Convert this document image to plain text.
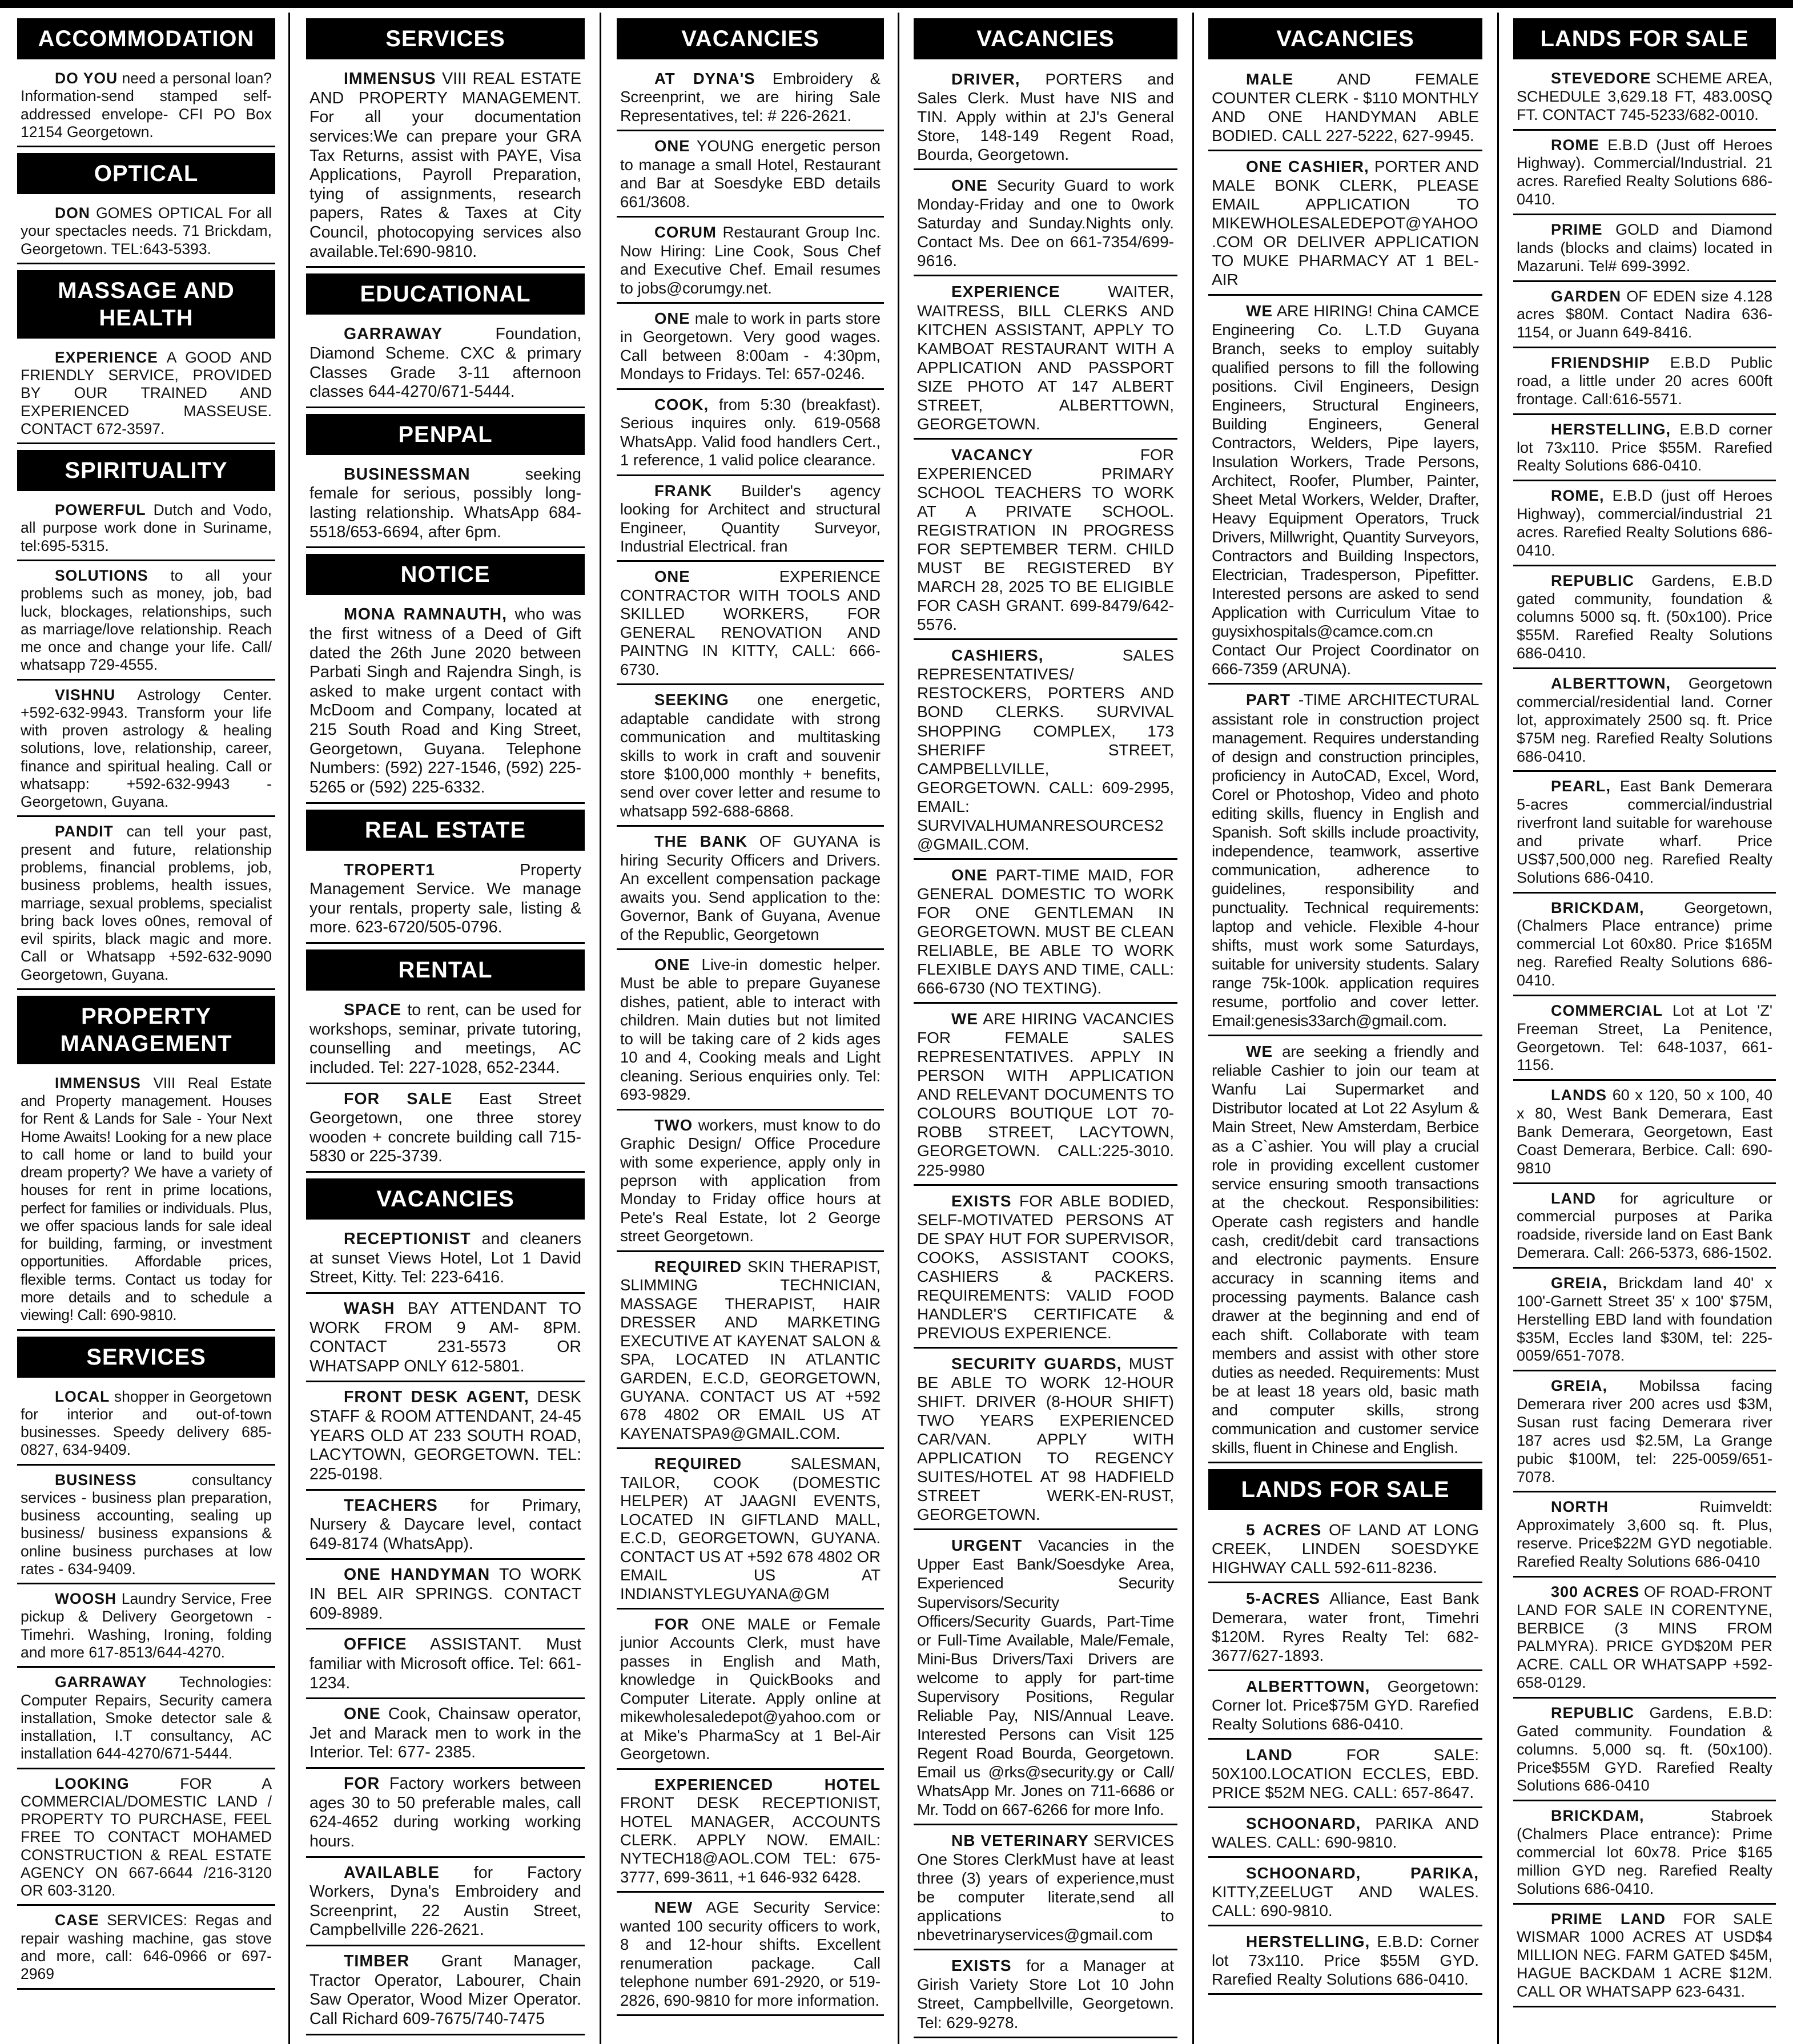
ACCOMMODATION
DO YOU need a personal loan? Information-send stamped self-addressed envelope- CFI PO Box 12154 Georgetown.
OPTICAL
DON GOMES OPTICAL For all your spectacles needs. 71 Brickdam, Georgetown. TEL:643-5393.
MASSAGE AND HEALTH
EXPERIENCE A GOOD AND FRIENDLY SERVICE, PROVIDED BY OUR TRAINED AND EXPERIENCED MASSEUSE. CONTACT 672-3597.
SPIRITUALITY
POWERFUL Dutch and Vodo, all purpose work done in Suriname, tel:695-5315.
SOLUTIONS to all your problems such as money, job, bad luck, blockages, relationships, such as marriage/love relationship. Reach me once and change your life. Call/ whatsapp 729-4555.
VISHNU Astrology Center. +592-632-9943. Transform your life with proven astrology & healing solutions, love, relationship, career, finance and spiritual healing. Call or whatsapp: +592-632-9943 - Georgetown, Guyana.
PANDIT can tell your past, present and future, relationship problems, financial problems, job, business problems, health issues, marriage, sexual problems, specialist bring back loves o0nes, removal of evil spirits, black magic and more. Call or Whatsapp +592-632-9090 Georgetown, Guyana.
PROPERTY MANAGEMENT
IMMENSUS VIII Real Estate and Property management. Houses for Rent & Lands for Sale - Your Next Home Awaits! Looking for a new place to call home or land to build your dream property? We have a variety of houses for rent in prime locations, perfect for families or individuals. Plus, we offer spacious lands for sale ideal for building, farming, or investment opportunities. Affordable prices, flexible terms. Contact us today for more details and to schedule a viewing! Call: 690-9810.
SERVICES
LOCAL shopper in Georgetown for interior and out-of-town businesses. Speedy delivery 685-0827, 634-9409.
BUSINESS	consultancy services - business plan preparation, business accounting, sealing up business/ business expansions & online business purchases at low rates - 634-9409.
WOOSH Laundry Service, Free pickup & Delivery Georgetown - Timehri. Washing, Ironing, folding and more 617-8513/644-4270.
GARRAWAY Technologies: Computer Repairs, Security camera installation, Smoke detector sale & installation, I.T consultancy, AC installation 644-4270/671-5444.
LOOKING	FOR A COMMERCIAL/DOMESTIC LAND / PROPERTY TO PURCHASE, FEEL FREE TO CONTACT MOHAMED CONSTRUCTION & REAL ESTATE AGENCY ON 667-6644 /216-3120 OR 603-3120.
CASE SERVICES: Regas and repair washing machine, gas stove and more, call: 646-0966 or 697-2969
SERVICES
IMMENSUS VIII REAL ESTATE AND PROPERTY MANAGEMENT. For all your documentation services:We can prepare your GRA Tax Returns, assist with PAYE, Visa Applications, Payroll Preparation, tying of assignments, research papers, Rates & Taxes at City Council, photocopying services also available.Tel:690-9810.
EDUCATIONAL
GARRAWAY	Foundation, Diamond Scheme. CXC & primary Classes Grade 3-11 afternoon classes 644-4270/671-5444.
PENPAL
BUSINESSMAN	seeking female for serious, possibly long-lasting relationship. WhatsApp 684-5518/653-6694, after 6pm.
NOTICE
MONA RAMNAUTH, who was the first witness of a Deed of Gift dated the 26th June 2020 between Parbati Singh and Rajendra Singh, is asked to make urgent contact with McDoom and Company, located at 215 South Road and King Street, Georgetown, Guyana. Telephone Numbers: (592) 227-1546, (592) 225-5265 or (592) 225-6332.
REAL ESTATE
TROPERT1	Property Management Service. We manage your rentals, property sale, listing & more. 623-6720/505-0796.
RENTAL
SPACE to rent, can be used for workshops, seminar, private tutoring, counselling and meetings, AC included. Tel: 227-1028, 652-2344.
FOR SALE East Street Georgetown, one three storey wooden + concrete building call 715-5830 or 225-3739.
VACANCIES
RECEPTIONIST and cleaners at sunset Views Hotel, Lot 1 David Street, Kitty. Tel: 223-6416.
WASH BAY ATTENDANT TO WORK FROM 9 AM- 8PM. CONTACT 231-5573 OR WHATSAPP ONLY 612-5801.
FRONT DESK AGENT, DESK STAFF & ROOM ATTENDANT, 24-45 YEARS OLD AT 233 SOUTH ROAD, LACYTOWN, GEORGETOWN. TEL: 225-0198.
TEACHERS for Primary, Nursery & Daycare level, contact 649-8174 (WhatsApp).
ONE HANDYMAN TO WORK IN BEL AIR SPRINGS. CONTACT 609-8989.
OFFICE ASSISTANT. Must familiar with Microsoft office. Tel: 661-1234.
ONE Cook, Chainsaw operator, Jet and Marack men to work in the Interior. Tel: 677- 2385.
FOR Factory workers between ages 30 to 50 preferable males, call 624-4652 during working working hours.
AVAILABLE for Factory Workers, Dyna's Embroidery and Screenprint, 22 Austin Street, Campbellville 226-2621.
TIMBER Grant Manager, Tractor Operator, Labourer, Chain Saw Operator, Wood Mizer Operator. Call Richard 609-7675/740-7475
VACANCIES
AT DYNA'S Embroidery & Screenprint, we are hiring Sale Representatives, tel: # 226-2621.
ONE YOUNG energetic person to manage a small Hotel, Restaurant and Bar at Soesdyke EBD details 661/3608.
CORUM Restaurant Group Inc. Now Hiring: Line Cook, Sous Chef and Executive Chef. Email resumes to jobs@corumgy.net.
ONE male to work in parts store in Georgetown. Very good wages. Call between 8:00am - 4:30pm, Mondays to Fridays. Tel: 657-0246.
COOK, from 5:30 (breakfast). Serious inquires only. 619-0568 WhatsApp. Valid food handlers Cert., 1 reference, 1 valid police clearance.
FRANK Builder's agency looking for Architect and structural Engineer, Quantity Surveyor, Industrial Electrical. fran
ONE	EXPERIENCE CONTRACTOR WITH TOOLS AND SKILLED WORKERS, FOR GENERAL RENOVATION AND PAINTNG IN KITTY, CALL: 666-6730.
SEEKING one energetic, adaptable candidate with strong communication and multitasking skills to work in craft and souvenir store $100,000 monthly + benefits, send over cover letter and resume to whatsapp 592-688-6868.
THE BANK OF GUYANA is hiring Security Officers and Drivers. An excellent compensation package awaits you. Send application to the: Governor, Bank of Guyana, Avenue of the Republic, Georgetown
ONE Live-in domestic helper. Must be able to prepare Guyanese dishes, patient, able to interact with children. Main duties but not limited to will be taking care of 2 kids ages 10 and 4, Cooking meals and Light cleaning. Serious enquiries only. Tel: 693-9829.
TWO workers, must know to do Graphic Design/ Office Procedure with some experience, apply only in peprson with application from Monday to Friday office hours at Pete's Real Estate, lot 2 George street Georgetown.
REQUIRED SKIN THERAPIST, SLIMMING TECHNICIAN, MASSAGE THERAPIST, HAIR DRESSER AND MARKETING EXECUTIVE AT KAYENAT SALON & SPA, LOCATED IN ATLANTIC GARDEN, E.C.D, GEORGETOWN, GUYANA. CONTACT US AT +592 678 4802 OR EMAIL US AT KAYENATSPA9@GMAIL.COM.
REQUIRED	SALESMAN, TAILOR, COOK (DOMESTIC HELPER) AT JAAGNI EVENTS, LOCATED IN GIFTLAND MALL, E.C.D, GEORGETOWN, GUYANA. CONTACT US AT +592 678 4802 OR EMAIL US AT INDIANSTYLEGUYANA@GM
FOR ONE MALE or Female junior Accounts Clerk, must have passes in English and Math, knowledge in QuickBooks and Computer Literate. Apply online at mikewholesaledepot@yahoo.com or at Mike's PharmaScy at 1 Bel-Air Georgetown.
EXPERIENCED HOTEL FRONT DESK RECEPTIONIST, HOTEL MANAGER, ACCOUNTS CLERK. APPLY NOW. EMAIL: NYTECH18@AOL.COM TEL: 675-3777, 699-3611, +1 646-932 6428.
NEW AGE Security Service: wanted 100 security officers to work, 8 and 12-hour shifts. Excellent renumeration package. Call telephone number 691-2920, or 519-2826, 690-9810 for more information.
VACANCIES
DRIVER, PORTERS and Sales Clerk. Must have NIS and TIN. Apply within at 2J's General Store, 148-149 Regent Road, Bourda, Georgetown.
ONE Security Guard to work Monday-Friday and one to 0work Saturday and Sunday.Nights only. Contact Ms. Dee on 661-7354/699-9616.
EXPERIENCE	WAITER, WAITRESS, BILL CLERKS AND KITCHEN ASSISTANT, APPLY TO KAMBOAT RESTAURANT WITH A APPLICATION AND PASSPORT SIZE PHOTO AT 147 ALBERT STREET, ALBERTTOWN, GEORGETOWN.
VACANCY	FOR EXPERIENCED PRIMARY SCHOOL TEACHERS TO WORK AT A PRIVATE SCHOOL. REGISTRATION IN PROGRESS FOR SEPTEMBER TERM. CHILD MUST BE REGISTERED BY MARCH 28, 2025 TO BE ELIGIBLE FOR CASH GRANT. 699-8479/642-5576.
CASHIERS,	SALES REPRESENTATIVES/ RESTOCKERS, PORTERS AND BOND CLERKS. SURVIVAL SHOPPING COMPLEX, 173 SHERIFF STREET, CAMPBELLVILLE, GEORGETOWN. CALL: 609-2995, EMAIL: SURVIVALHUMANRESOURCES2@GMAIL.COM.
ONE PART-TIME MAID, FOR GENERAL DOMESTIC TO WORK FOR ONE GENTLEMAN IN GEORGETOWN. MUST BE CLEAN RELIABLE, BE ABLE TO WORK FLEXIBLE DAYS AND TIME, CALL: 666-6730 (NO TEXTING).
WE ARE HIRING VACANCIES FOR FEMALE SALES REPRESENTATIVES. APPLY IN PERSON WITH APPLICATION AND RELEVANT DOCUMENTS TO COLOURS BOUTIQUE LOT 70-ROBB STREET, LACYTOWN, GEORGETOWN. CALL:225-3010. 225-9980
EXISTS FOR ABLE BODIED, SELF-MOTIVATED PERSONS AT DE SPAY HUT FOR SUPERVISOR, COOKS, ASSISTANT COOKS, CASHIERS & PACKERS. REQUIREMENTS: VALID FOOD HANDLER'S CERTIFICATE & PREVIOUS EXPERIENCE.
SECURITY GUARDS, MUST BE ABLE TO WORK 12-HOUR SHIFT. DRIVER (8-HOUR SHIFT) TWO YEARS EXPERIENCED CAR/VAN. APPLY WITH APPLICATION TO REGENCY SUITES/HOTEL AT 98 HADFIELD STREET WERK-EN-RUST, GEORGETOWN.
URGENT Vacancies in the Upper East Bank/Soesdyke Area, Experienced Security Supervisors/Security Officers/Security Guards, Part-Time or Full-Time Available, Male/Female, Mini-Bus Drivers/Taxi Drivers are welcome to apply for part-time Supervisory Positions, Regular Reliable Pay, NIS/Annual Leave. Interested Persons can Visit 125 Regent Road Bourda, Georgetown. Email us @rks@security.gy or Call/ WhatsApp Mr. Jones on 711-6686 or Mr. Todd on 667-6266 for more Info.
NB VETERINARY SERVICES One Stores ClerkMust have at least three (3) years of experience,must be computer literate,send all applications to nbevetrinaryservices@gmail.com
EXISTS for a Manager at Girish Variety Store Lot 10 John Street, Campbellville, Georgetown. Tel: 629-9278.
VACANCIES
MALE	AND FEMALE COUNTER CLERK - $110 MONTHLY AND ONE HANDYMAN ABLE BODIED. CALL 227-5222, 627-9945.
ONE CASHIER, PORTER AND MALE BONK CLERK, PLEASE EMAIL APPLICATION TO MIKEWHOLESALEDEPOT@YAHOO.COM OR DELIVER APPLICATION TO MUKE PHARMACY AT 1 BEL-AIR
WE ARE HIRING! China CAMCE Engineering Co. L.T.D Guyana Branch, seeks to employ suitably qualified persons to fill the following positions. Civil Engineers, Design Engineers, Structural Engineers, Building Engineers, General Contractors, Welders, Pipe layers, Insulation Workers, Trade Persons, Architect, Roofer, Plumber, Painter, Sheet Metal Workers, Welder, Drafter, Heavy Equipment Operators, Truck Drivers, Millwright, Quantity Surveyors, Contractors and Building Inspectors, Electrician, Tradesperson, Pipefitter. Interested persons are asked to send Application with Curriculum Vitae to guysixhospitals@camce.com.cn Contact Our Project Coordinator on 666-7359 (ARUNA).
PART -TIME ARCHITECTURAL assistant role in construction project management. Requires understanding of design and construction principles, proficiency in AutoCAD, Excel, Word, Corel or Photoshop, Video and photo editing skills, fluency in English and Spanish. Soft skills include proactivity, independence, teamwork, assertive communication, adherence to guidelines, responsibility and punctuality. Technical requirements: laptop and vehicle. Flexible 4-hour shifts, must work some Saturdays, suitable for university students. Salary range 75k-100k. application requires resume, portfolio and cover letter. Email:genesis33arch@gmail.com.
WE are seeking a friendly and reliable Cashier to join our team at Wanfu Lai Supermarket and Distributor located at Lot 22 Asylum & Main Street, New Amsterdam, Berbice as a C`ashier. You will play a crucial role in providing excellent customer service ensuring smooth transactions at the checkout. Responsibilities: Operate cash registers and handle cash, credit/debit card transactions and electronic payments. Ensure accuracy in scanning items and processing payments. Balance cash drawer at the beginning and end of each shift. Collaborate with team members and assist with other store duties as needed. Requirements: Must be at least 18 years old, basic math and computer skills, strong communication and customer service skills, fluent in Chinese and English.
LANDS FOR SALE
5 ACRES OF LAND AT LONG CREEK, LINDEN SOESDYKE HIGHWAY CALL 592-611-8236.
5-ACRES Alliance, East Bank Demerara, water front, Timehri $120M. Ryres Realty Tel: 682-3677/627-1893.
ALBERTTOWN, Georgetown: Corner lot. Price$75M GYD. Rarefied Realty Solutions 686-0410.
LAND	FOR SALE: 50X100.LOCATION ECCLES, EBD. PRICE $52M NEG. CALL: 657-8647.
SCHOONARD, PARIKA AND WALES. CALL: 690-9810.
SCHOONARD, PARIKA, KITTY,ZEELUGT AND WALES. CALL: 690-9810.
HERSTELLING, E.B.D: Corner lot 73x110. Price $55M GYD. Rarefied Realty Solutions 686-0410.
LANDS FOR SALE
STEVEDORE SCHEME AREA, SCHEDULE 3,629.18 FT, 483.00SQ FT. CONTACT 745-5233/682-0010.
ROME E.B.D (Just off Heroes Highway). Commercial/Industrial. 21 acres. Rarefied Realty Solutions 686-0410.
PRIME GOLD and Diamond lands (blocks and claims) located in Mazaruni. Tel# 699-3992.
GARDEN OF EDEN size 4.128 acres $80M. Contact Nadira 636-1154, or Juann 649-8416.
FRIENDSHIP E.B.D Public road, a little under 20 acres 600ft frontage. Call:616-5571.
HERSTELLING, E.B.D corner lot 73x110. Price $55M. Rarefied Realty Solutions 686-0410.
ROME, E.B.D (just off Heroes Highway), commercial/industrial 21 acres. Rarefied Realty Solutions 686-0410.
REPUBLIC Gardens, E.B.D gated community, foundation & columns 5000 sq. ft. (50x100). Price $55M. Rarefied Realty Solutions 686-0410.
ALBERTTOWN, Georgetown commercial/residential land. Corner lot, approximately 2500 sq. ft. Price $75M neg. Rarefied Realty Solutions 686-0410.
PEARL, East Bank Demerara 5-acres commercial/industrial riverfront land suitable for warehouse and private wharf. Price US$7,500,000 neg. Rarefied Realty Solutions 686-0410.
BRICKDAM,	Georgetown, (Chalmers Place entrance) prime commercial Lot 60x80. Price $165M neg. Rarefied Realty Solutions 686-0410.
COMMERCIAL Lot at Lot 'Z' Freeman Street, La Penitence, Georgetown. Tel: 648-1037, 661-1156.
LANDS 60 x 120, 50 x 100, 40 x 80, West Bank Demerara, East Bank Demerara, Georgetown, East Coast Demerara, Berbice. Call: 690-9810
LAND for agriculture or commercial purposes at Parika roadside, riverside land on East Bank Demerara. Call: 266-5373, 686-1502.
GREIA, Brickdam land 40' x 100'-Garnett Street 35' x 100' $75M, Herstelling EBD land with foundation $35M, Eccles land $30M, tel: 225-0059/651-7078.
GREIA, Mobilssa facing Demerara river 200 acres usd $3M, Susan rust facing Demerara river 187 acres usd $2.5M, La Grange pubic $100M, tel: 225-0059/651-7078.
NORTH	Ruimveldt: Approximately 3,600 sq. ft. Plus, reserve. Price$22M GYD negotiable. Rarefied Realty Solutions 686-0410
300 ACRES OF ROAD-FRONT LAND FOR SALE IN CORENTYNE, BERBICE (3 MINS FROM PALMYRA). PRICE GYD$20M PER ACRE. CALL OR WHATSAPP +592-658-0129.
REPUBLIC Gardens, E.B.D: Gated community. Foundation & columns. 5,000 sq. ft. (50x100). Price$55M GYD. Rarefied Realty Solutions 686-0410
BRICKDAM,	Stabroek (Chalmers Place entrance): Prime commercial lot 60x78. Price $165 million GYD neg. Rarefied Realty Solutions 686-0410.
PRIME LAND FOR SALE WISMAR 1000 ACRES AT USD$4 MILLION NEG. FARM GATED $45M, HAGUE BACKDAM 1 ACRE $12M. CALL OR WHATSAPP 623-6431.
